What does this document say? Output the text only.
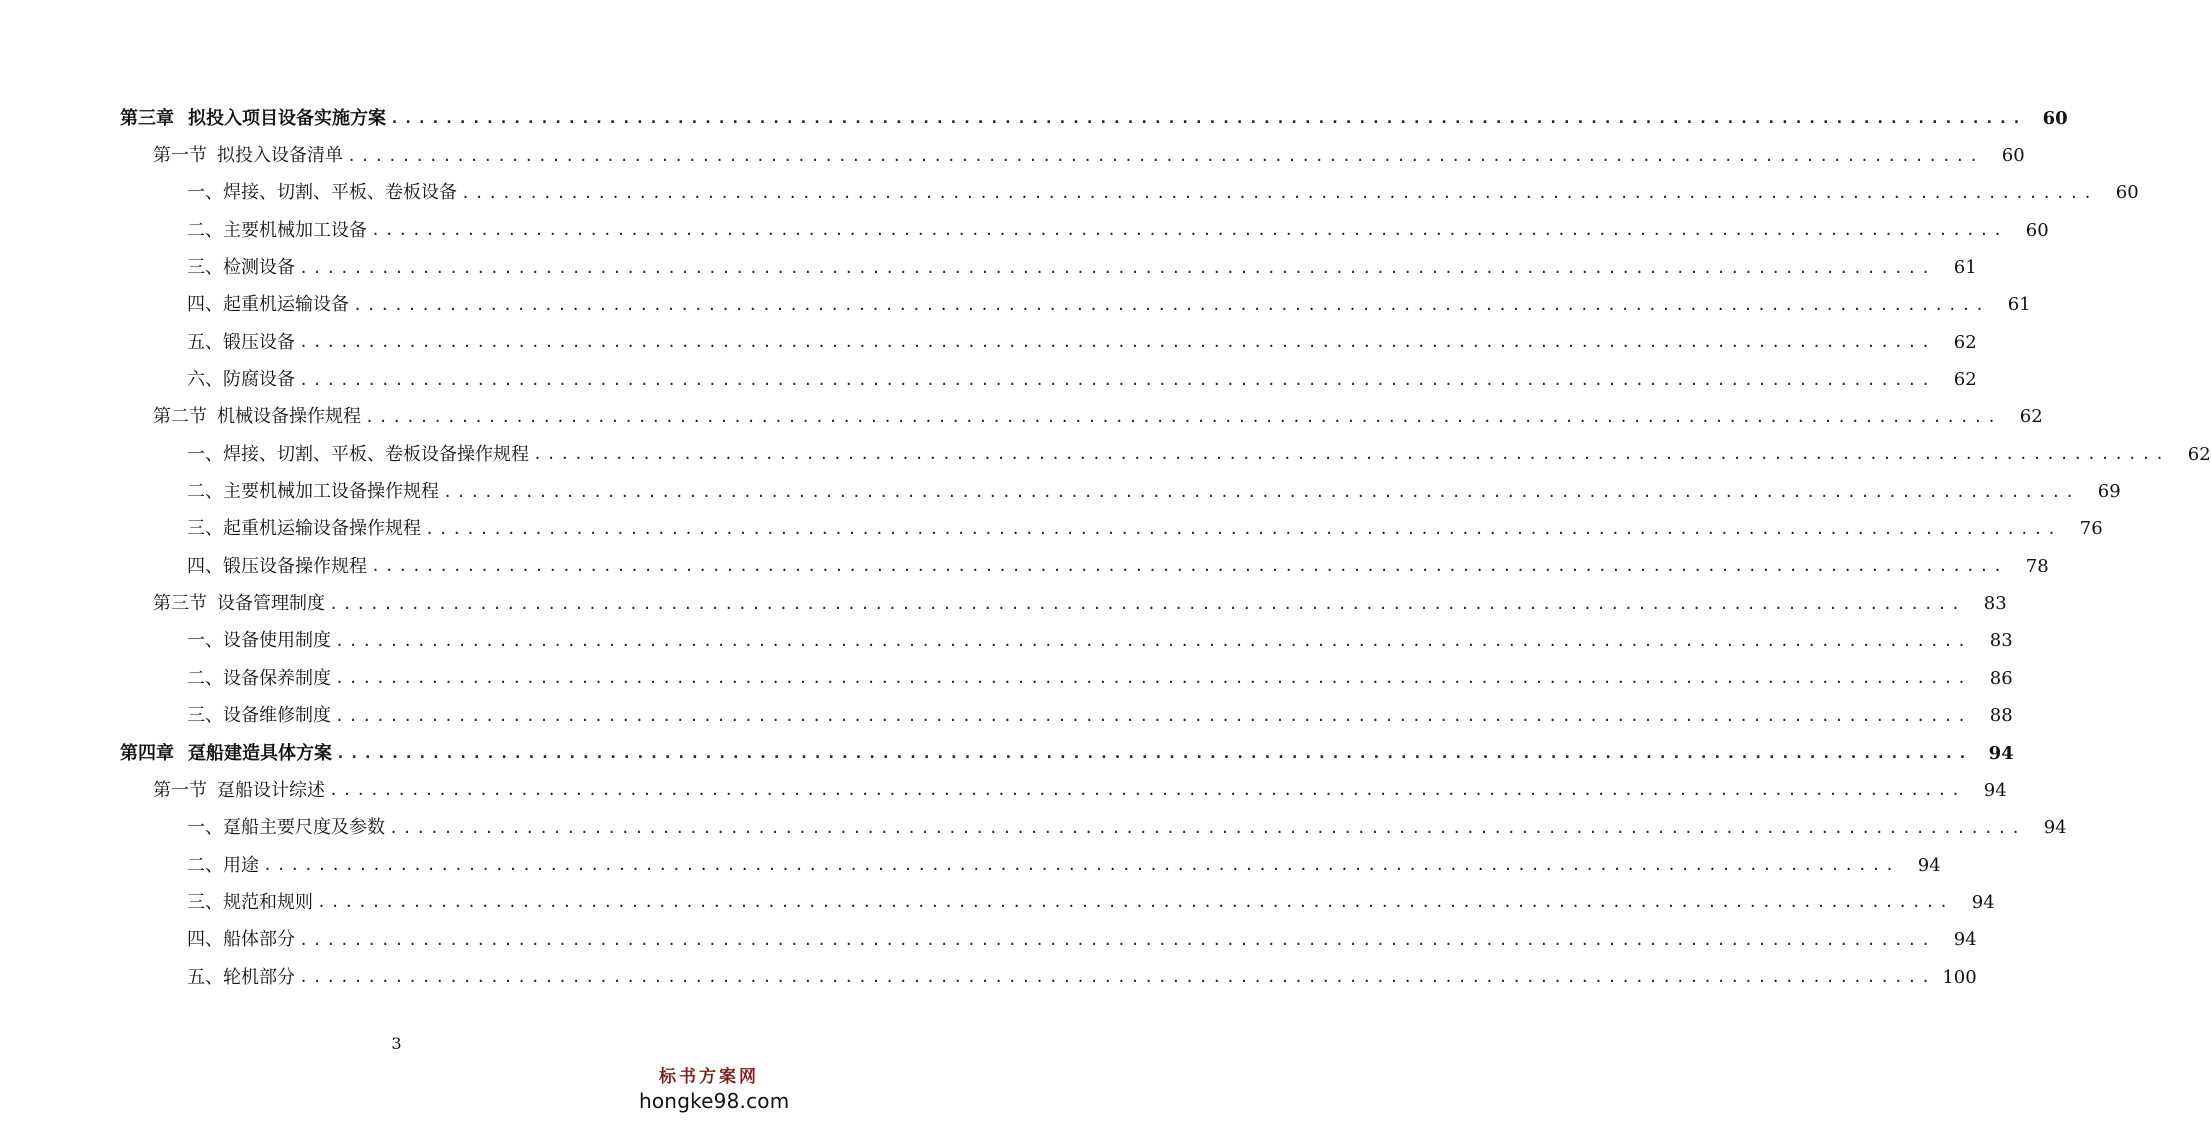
第三章 拟投入项目设备实施方案 ........................................................................................................................ 60
第一节 拟投入设备清单 ........................................................................................................................	60
一、焊接、切割、平板、卷板设备 ........................................................................................................................	60
二、主要机械加工设备 ........................................................................................................................	60
三、检测设备 ........................................................................................................................	61
四、起重机运输设备 ........................................................................................................................	61
五、锻压设备 ........................................................................................................................	62
六、防腐设备 ........................................................................................................................	62
第二节 机械设备操作规程 ........................................................................................................................	62
一、焊接、切割、平板、卷板设备操作规程 ........................................................................................................................	62
二、主要机械加工设备操作规程 ........................................................................................................................	69
三、起重机运输设备操作规程 ........................................................................................................................	76
四、锻压设备操作规程 ........................................................................................................................	78
第三节 设备管理制度 ........................................................................................................................	83
一、设备使用制度 ........................................................................................................................	83
二、设备保养制度 ........................................................................................................................	86
三、设备维修制度 ........................................................................................................................	88
第四章 趸船建造具体方案 ........................................................................................................................ 94
第一节 趸船设计综述 ........................................................................................................................	94
一、趸船主要尺度及参数 ........................................................................................................................	94
二、用途 ........................................................................................................................	94
三、规范和规则 ........................................................................................................................	94
四、船体部分 ........................................................................................................................	94
五、轮机部分 ........................................................................................................................ 100
3
标书方案网
hongke98.com
